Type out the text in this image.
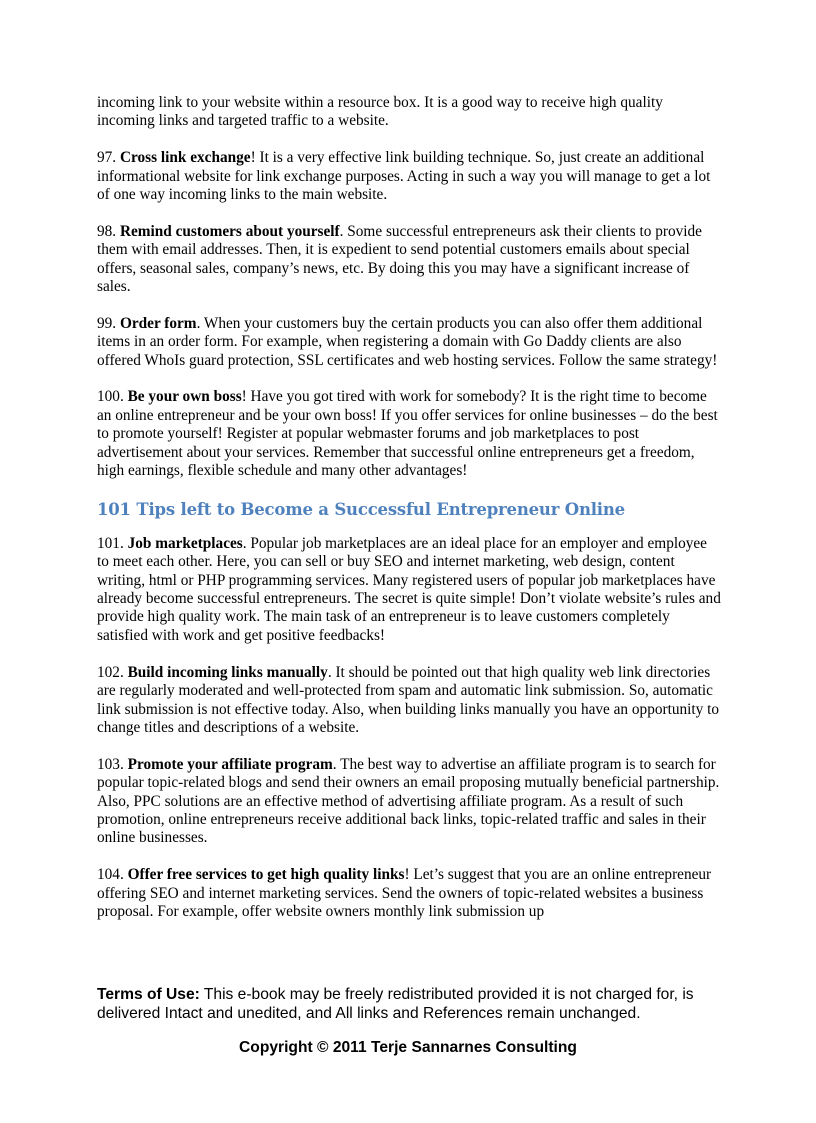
incoming link to your website within a resource box. It is a good way to receive high quality incoming links and targeted traffic to a website.

97. Cross link exchange! It is a very effective link building technique. So, just create an additional informational website for link exchange purposes. Acting in such a way you will manage to get a lot of one way incoming links to the main website.

98. Remind customers about yourself. Some successful entrepreneurs ask their clients to provide them with email addresses. Then, it is expedient to send potential customers emails about special offers, seasonal sales, company’s news, etc. By doing this you may have a significant increase of sales.

99. Order form. When your customers buy the certain products you can also offer them additional items in an order form. For example, when registering a domain with Go Daddy clients are also offered WhoIs guard protection, SSL certificates and web hosting services. Follow the same strategy!

100. Be your own boss! Have you got tired with work for somebody? It is the right time to become an online entrepreneur and be your own boss! If you offer services for online businesses – do the best to promote yourself! Register at popular webmaster forums and job marketplaces to post advertisement about your services. Remember that successful online entrepreneurs get a freedom, high earnings, flexible schedule and many other advantages!

101 Tips left to Become a Successful Entrepreneur Online

101. Job marketplaces. Popular job marketplaces are an ideal place for an employer and employee to meet each other. Here, you can sell or buy SEO and internet marketing, web design, content writing, html or PHP programming services. Many registered users of popular job marketplaces have already become successful entrepreneurs. The secret is quite simple! Don’t violate website’s rules and provide high quality work. The main task of an entrepreneur is to leave customers completely satisfied with work and get positive feedbacks!

102. Build incoming links manually. It should be pointed out that high quality web link directories are regularly moderated and well-protected from spam and automatic link submission. So, automatic link submission is not effective today. Also, when building links manually you have an opportunity to change titles and descriptions of a website.

103. Promote your affiliate program. The best way to advertise an affiliate program is to search for popular topic-related blogs and send their owners an email proposing mutually beneficial partnership. Also, PPC solutions are an effective method of advertising affiliate program. As a result of such promotion, online entrepreneurs receive additional back links, topic-related traffic and sales in their online businesses.

104. Offer free services to get high quality links! Let’s suggest that you are an online entrepreneur offering SEO and internet marketing services. Send the owners of topic-related websites a business proposal. For example, offer website owners monthly link submission up

Terms of Use: This e-book may be freely redistributed provided it is not charged for, is delivered Intact and unedited, and All links and References remain unchanged.
Copyright © 2011 Terje Sannarnes Consulting
